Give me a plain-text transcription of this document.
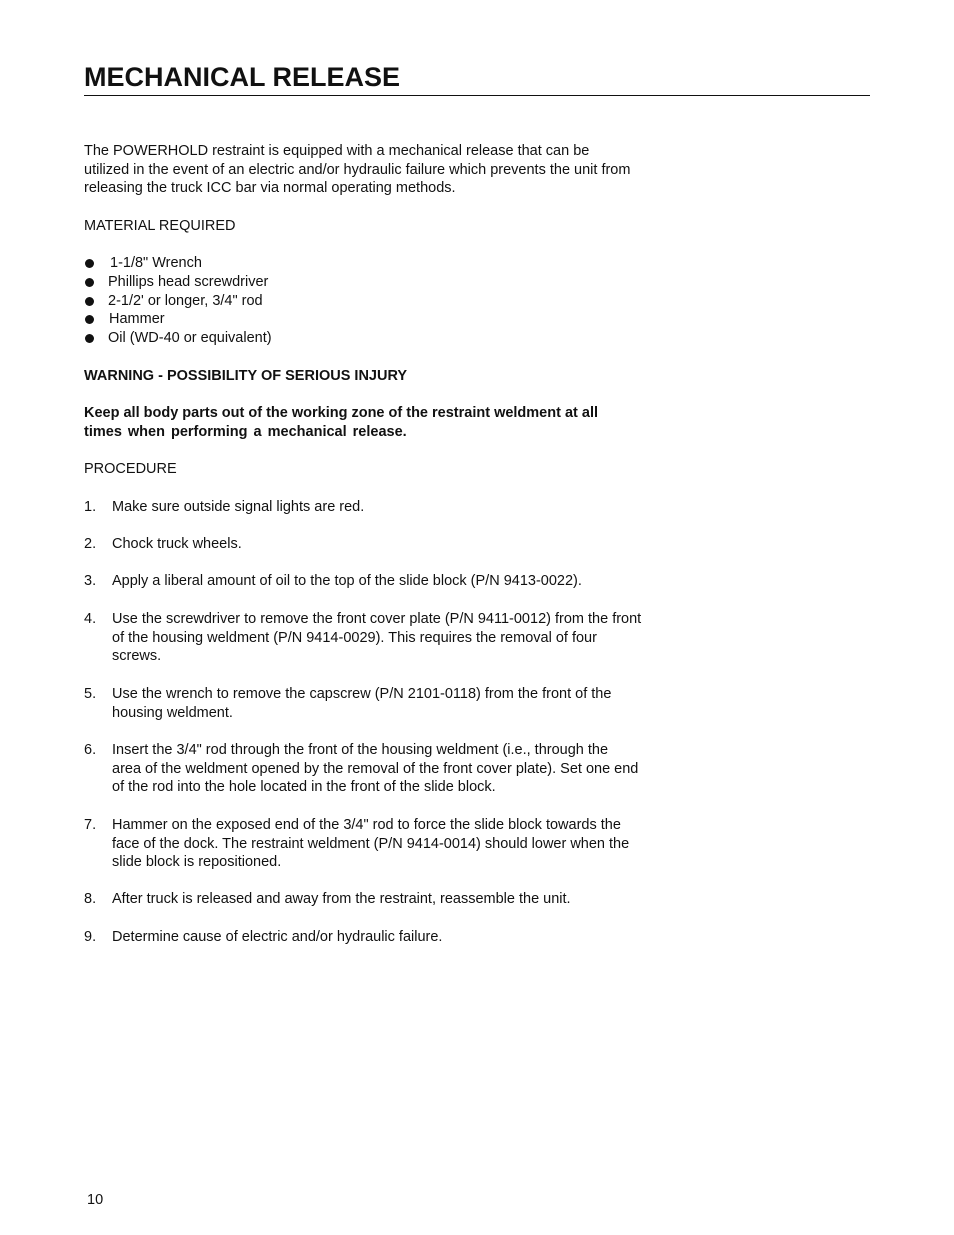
MECHANICAL RELEASE

The POWERHOLD restraint is equipped with a mechanical release that can be
utilized in the event of an electric and/or hydraulic failure which prevents the unit from
releasing the truck ICC bar via normal operating methods.

MATERIAL REQUIRED

1-1/8" Wrench
Phillips head screwdriver
2-1/2' or longer, 3/4" rod
Hammer
Oil (WD-40 or equivalent)

WARNING - POSSIBILITY OF SERIOUS INJURY

Keep all body parts out of the working zone of the restraint weldment at all
times when performing a mechanical release.

PROCEDURE

1. Make sure outside signal lights are red.
2. Chock truck wheels.
3. Apply a liberal amount of oil to the top of the slide block (P/N 9413-0022).
4. Use the screwdriver to remove the front cover plate (P/N 9411-0012) from the front
of the housing weldment (P/N 9414-0029). This requires the removal of four
screws.
5. Use the wrench to remove the capscrew (P/N 2101-0118) from the front of the
housing weldment.
6. Insert the 3/4" rod through the front of the housing weldment (i.e., through the
area of the weldment opened by the removal of the front cover plate). Set one end
of the rod into the hole located in the front of the slide block.
7. Hammer on the exposed end of the 3/4" rod to force the slide block towards the
face of the dock. The restraint weldment (P/N 9414-0014) should lower when the
slide block is repositioned.
8. After truck is released and away from the restraint, reassemble the unit.
9. Determine cause of electric and/or hydraulic failure.
10
